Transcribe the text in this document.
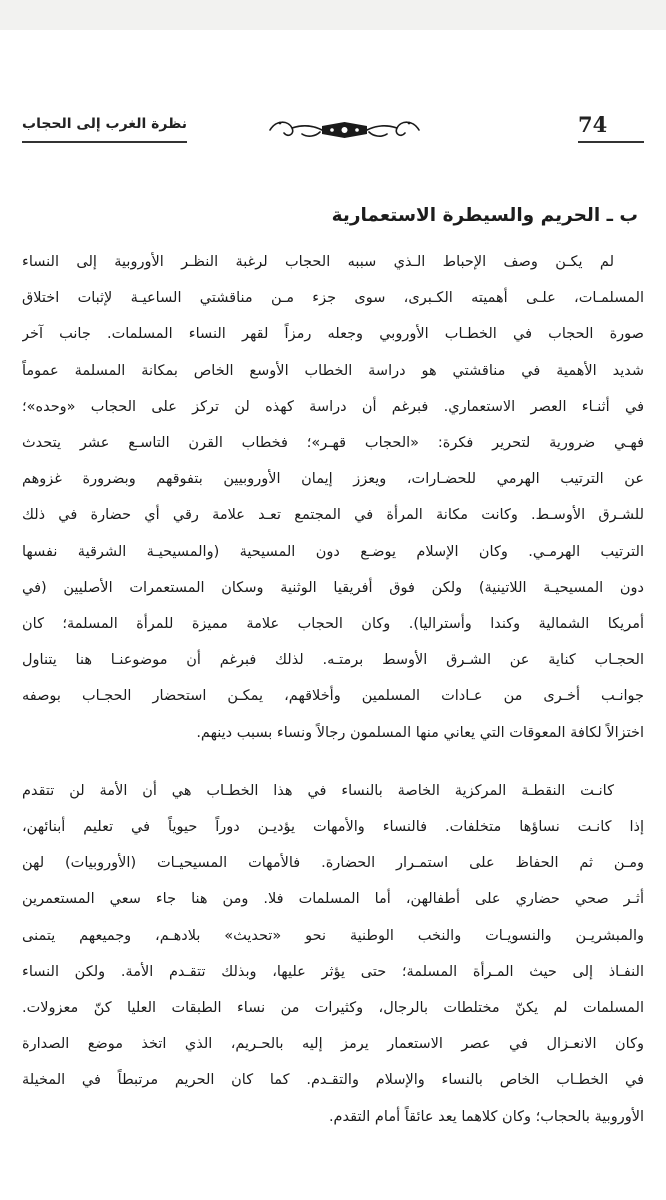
74
نظرة الغرب إلى الحجاب
ب ـ الحريم والسيطرة الاستعمارية

لم يكـن وصف الإحباط الـذي سببه الحجاب لرغبة النظـر الأوروبية إلى النساء
المسلمـات، علـى أهميته الكـبرى، سوى جزء مـن مناقشتي الساعيـة لإثبات اختلاق
صورة الحجاب في الخطـاب الأوروبي وجعله رمزاً لقهر النساء المسلمات. جانب آخر
شديد الأهمية في مناقشتي هو دراسة الخطاب الأوسع الخاص بمكانة المسلمة عموماً
في أثنـاء العصر الاستعماري. فبرغم أن دراسة كهذه لن تركز على الحجاب «وحده»؛
فهـي ضرورية لتحرير فكرة: «الحجاب قهـر»؛ فخطاب القرن التاسـع عشر يتحدث
عن الترتيب الهرمي للحضـارات، ويعزز إيمان الأوروبيين بتفوقهم وبضرورة غزوهم
للشـرق الأوسـط. وكانت مكانة المرأة في المجتمع تعـد علامة رقي أي حضارة في ذلك
الترتيب الهرمـي. وكان الإسلام يوضـع دون المسيحية (والمسيحيـة الشرقية نفسها
دون المسيحيـة اللاتينية) ولكن فوق أفريقيا الوثنية وسكان المستعمرات الأصليين (في
أمريكا الشمالية وكندا وأستراليا). وكان الحجاب علامة مميزة للمرأة المسلمة؛ كان
الحجـاب كناية عن الشـرق الأوسط برمتـه. لذلك فبرغم أن موضوعنـا هنا يتناول
جوانـب أخـرى من عـادات المسلمين وأخلاقهم، يمكـن استحضار الحجـاب بوصفه
اختزالاً لكافة المعوقات التي يعاني منها المسلمون رجالاً ونساء بسبب دينهم.

كانـت النقطـة المركزية الخاصة بالنساء في هذا الخطـاب هي أن الأمة لن تتقدم
إذا كانـت نساؤها متخلفات. فالنساء والأمهات يؤديـن دوراً حيوياً في تعليم أبنائهن،
ومـن ثم الحفاظ على استمـرار الحضارة. فالأمهات المسيحيـات (الأوروبيات) لهن
أثـر صحي حضاري على أطفالهن، أما المسلمات فلا. ومن هنا جاء سعي المستعمرين
والمبشريـن والنسويـات والنخب الوطنية نحو «تحديث» بلادهـم، وجميعهم يتمنى
النفـاذ إلى حيث المـرأة المسلمة؛ حتى يؤثر عليها، وبذلك تتقـدم الأمة. ولكن النساء
المسلمات لم يكنّ مختلطات بالرجال، وكثيرات من نساء الطبقات العليا كنّ معزولات.
وكان الانعـزال في عصر الاستعمار يرمز إليه بالحـريم، الذي اتخذ موضع الصدارة
في الخطـاب الخاص بالنساء والإسلام والتقـدم. كما كان الحريم مرتبطاً في المخيلة
الأوروبية بالحجاب؛ وكان كلاهما يعد عائقاً أمام التقدم.
